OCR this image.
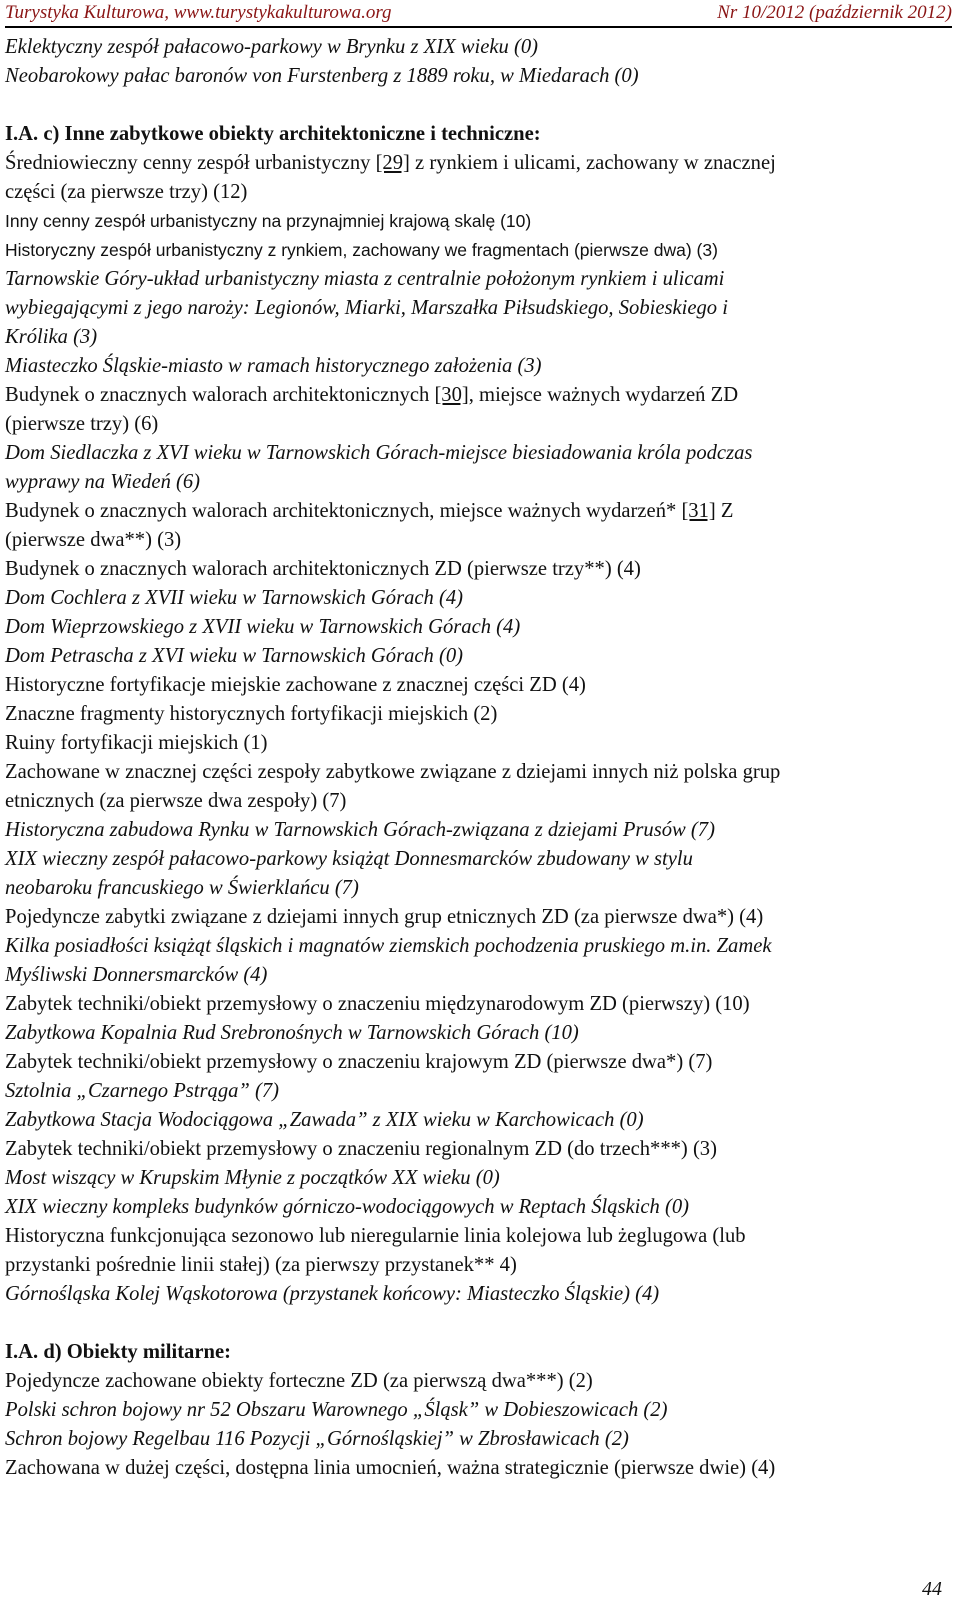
Turystyka Kulturowa, www.turystykakulturowa.org	Nr 10/2012 (październik 2012)
Eklektyczny zespół pałacowo-parkowy w Brynku z XIX wieku (0)
Neobarokowy pałac baronów von Furstenberg z 1889 roku, w Miedarach (0)
I.A. c) Inne zabytkowe obiekty architektoniczne i techniczne:
Średniowieczny cenny zespół urbanistyczny [29] z rynkiem i ulicami, zachowany w znacznej
części (za pierwsze trzy) (12)
Inny cenny zespół urbanistyczny na przynajmniej krajową skalę (10)
Historyczny zespół urbanistyczny z rynkiem, zachowany we fragmentach (pierwsze dwa) (3)
Tarnowskie Góry-układ urbanistyczny miasta z centralnie położonym rynkiem i ulicami
wybiegającymi z jego naroży: Legionów, Miarki, Marszałka Piłsudskiego, Sobieskiego i
Królika (3)
Miasteczko Śląskie-miasto w ramach historycznego założenia (3)
Budynek o znacznych walorach architektonicznych [30], miejsce ważnych wydarzeń ZD
(pierwsze trzy) (6)
Dom Siedlaczka z XVI wieku w Tarnowskich Górach-miejsce biesiadowania króla podczas
wyprawy na Wiedeń (6)
Budynek o znacznych walorach architektonicznych, miejsce ważnych wydarzeń* [31] Z
(pierwsze dwa**) (3)
Budynek o znacznych walorach architektonicznych ZD (pierwsze trzy**) (4)
Dom Cochlera z XVII wieku w Tarnowskich Górach (4)
Dom Wieprzowskiego z XVII wieku w Tarnowskich Górach (4)
Dom Petrascha z XVI wieku w Tarnowskich Górach (0)
Historyczne fortyfikacje miejskie zachowane z znacznej części ZD (4)
Znaczne fragmenty historycznych fortyfikacji miejskich (2)
Ruiny fortyfikacji miejskich (1)
Zachowane w znacznej części zespoły zabytkowe związane z dziejami innych niż polska grup
etnicznych (za pierwsze dwa zespoły) (7)
Historyczna zabudowa Rynku w Tarnowskich Górach-związana z dziejami Prusów (7)
XIX wieczny zespół pałacowo-parkowy książąt Donnesmarcków zbudowany w stylu
neobaroku francuskiego w Świerklańcu (7)
Pojedyncze zabytki związane z dziejami innych grup etnicznych ZD (za pierwsze dwa*) (4)
Kilka posiadłości książąt śląskich i magnatów ziemskich pochodzenia pruskiego m.in. Zamek
Myśliwski Donnersmarcków (4)
Zabytek techniki/obiekt przemysłowy o znaczeniu międzynarodowym ZD (pierwszy) (10)
Zabytkowa Kopalnia Rud Srebronośnych w Tarnowskich Górach (10)
Zabytek techniki/obiekt przemysłowy o znaczeniu krajowym ZD (pierwsze dwa*) (7)
Sztolnia „Czarnego Pstrąga” (7)
Zabytkowa Stacja Wodociągowa „Zawada” z XIX wieku w Karchowicach (0)
Zabytek techniki/obiekt przemysłowy o znaczeniu regionalnym ZD (do trzech***) (3)
Most wiszący w Krupskim Młynie z początków XX wieku (0)
XIX wieczny kompleks budynków górniczo-wodociągowych w Reptach Śląskich (0)
Historyczna funkcjonująca sezonowo lub nieregularnie linia kolejowa lub żeglugowa (lub
przystanki pośrednie linii stałej) (za pierwszy przystanek** 4)
Górnośląska Kolej Wąskotorowa (przystanek końcowy: Miasteczko Śląskie) (4)
I.A. d) Obiekty militarne:
Pojedyncze zachowane obiekty forteczne ZD (za pierwszą dwa***) (2)
Polski schron bojowy nr 52 Obszaru Warownego „Śląsk” w Dobieszowicach (2)
Schron bojowy Regelbau 116 Pozycji „Górnośląskiej” w Zbrosławicach (2)
Zachowana w dużej części, dostępna linia umocnień, ważna strategicznie (pierwsze dwie) (4)
44
